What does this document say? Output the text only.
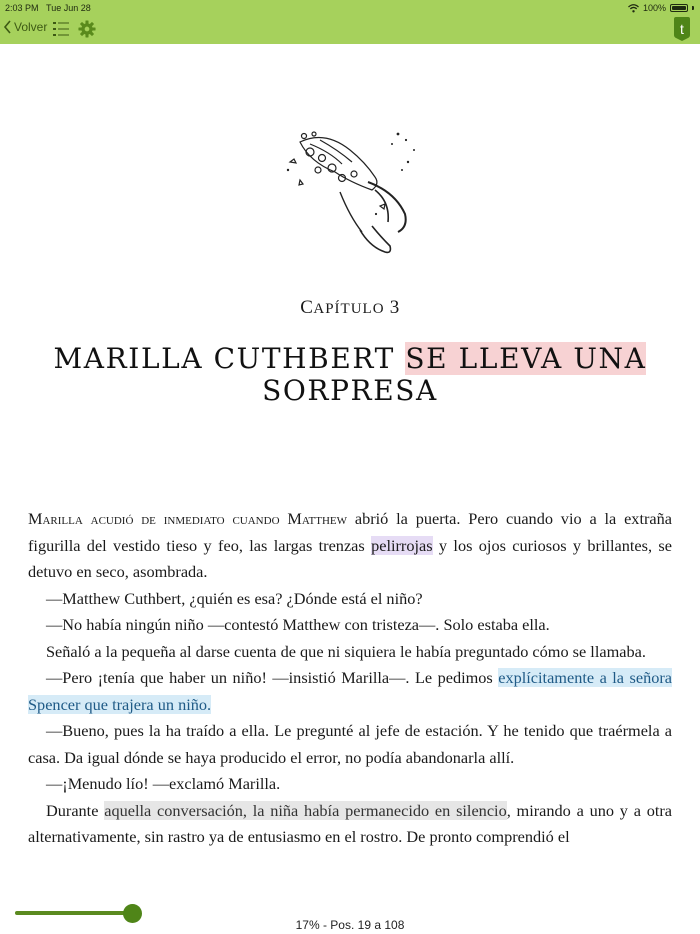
2:03 PM Tue Jun 28	100%
Volver	t
CAPÍTULO 3
MARILLA CUTHBERT SE LLEVA UNA
SORPRESA

Marilla acudió de inmediato cuando Matthew abrió la puerta. Pero cuando vio a la extraña figurilla del vestido tieso y feo, las largas trenzas pelirrojas y los ojos curiosos y brillantes, se detuvo en seco, asombrada.

—Matthew Cuthbert, ¿quién es esa? ¿Dónde está el niño?

—No había ningún niño —contestó Matthew con tristeza—. Solo estaba ella.

Señaló a la pequeña al darse cuenta de que ni siquiera le había preguntado cómo se llamaba.

—Pero ¡tenía que haber un niño! —insistió Marilla—. Le pedimos explícitamente a la señora Spencer que trajera un niño.

—Bueno, pues la ha traído a ella. Le pregunté al jefe de estación. Y he tenido que traérmela a casa. Da igual dónde se haya producido el error, no podía abandonarla allí.

—¡Menudo lío! —exclamó Marilla.

Durante aquella conversación, la niña había permanecido en silencio, mirando a uno y a otra alternativamente, sin rastro ya de entusiasmo en el rostro. De pronto comprendió el

17% - Pos. 19 a 108
